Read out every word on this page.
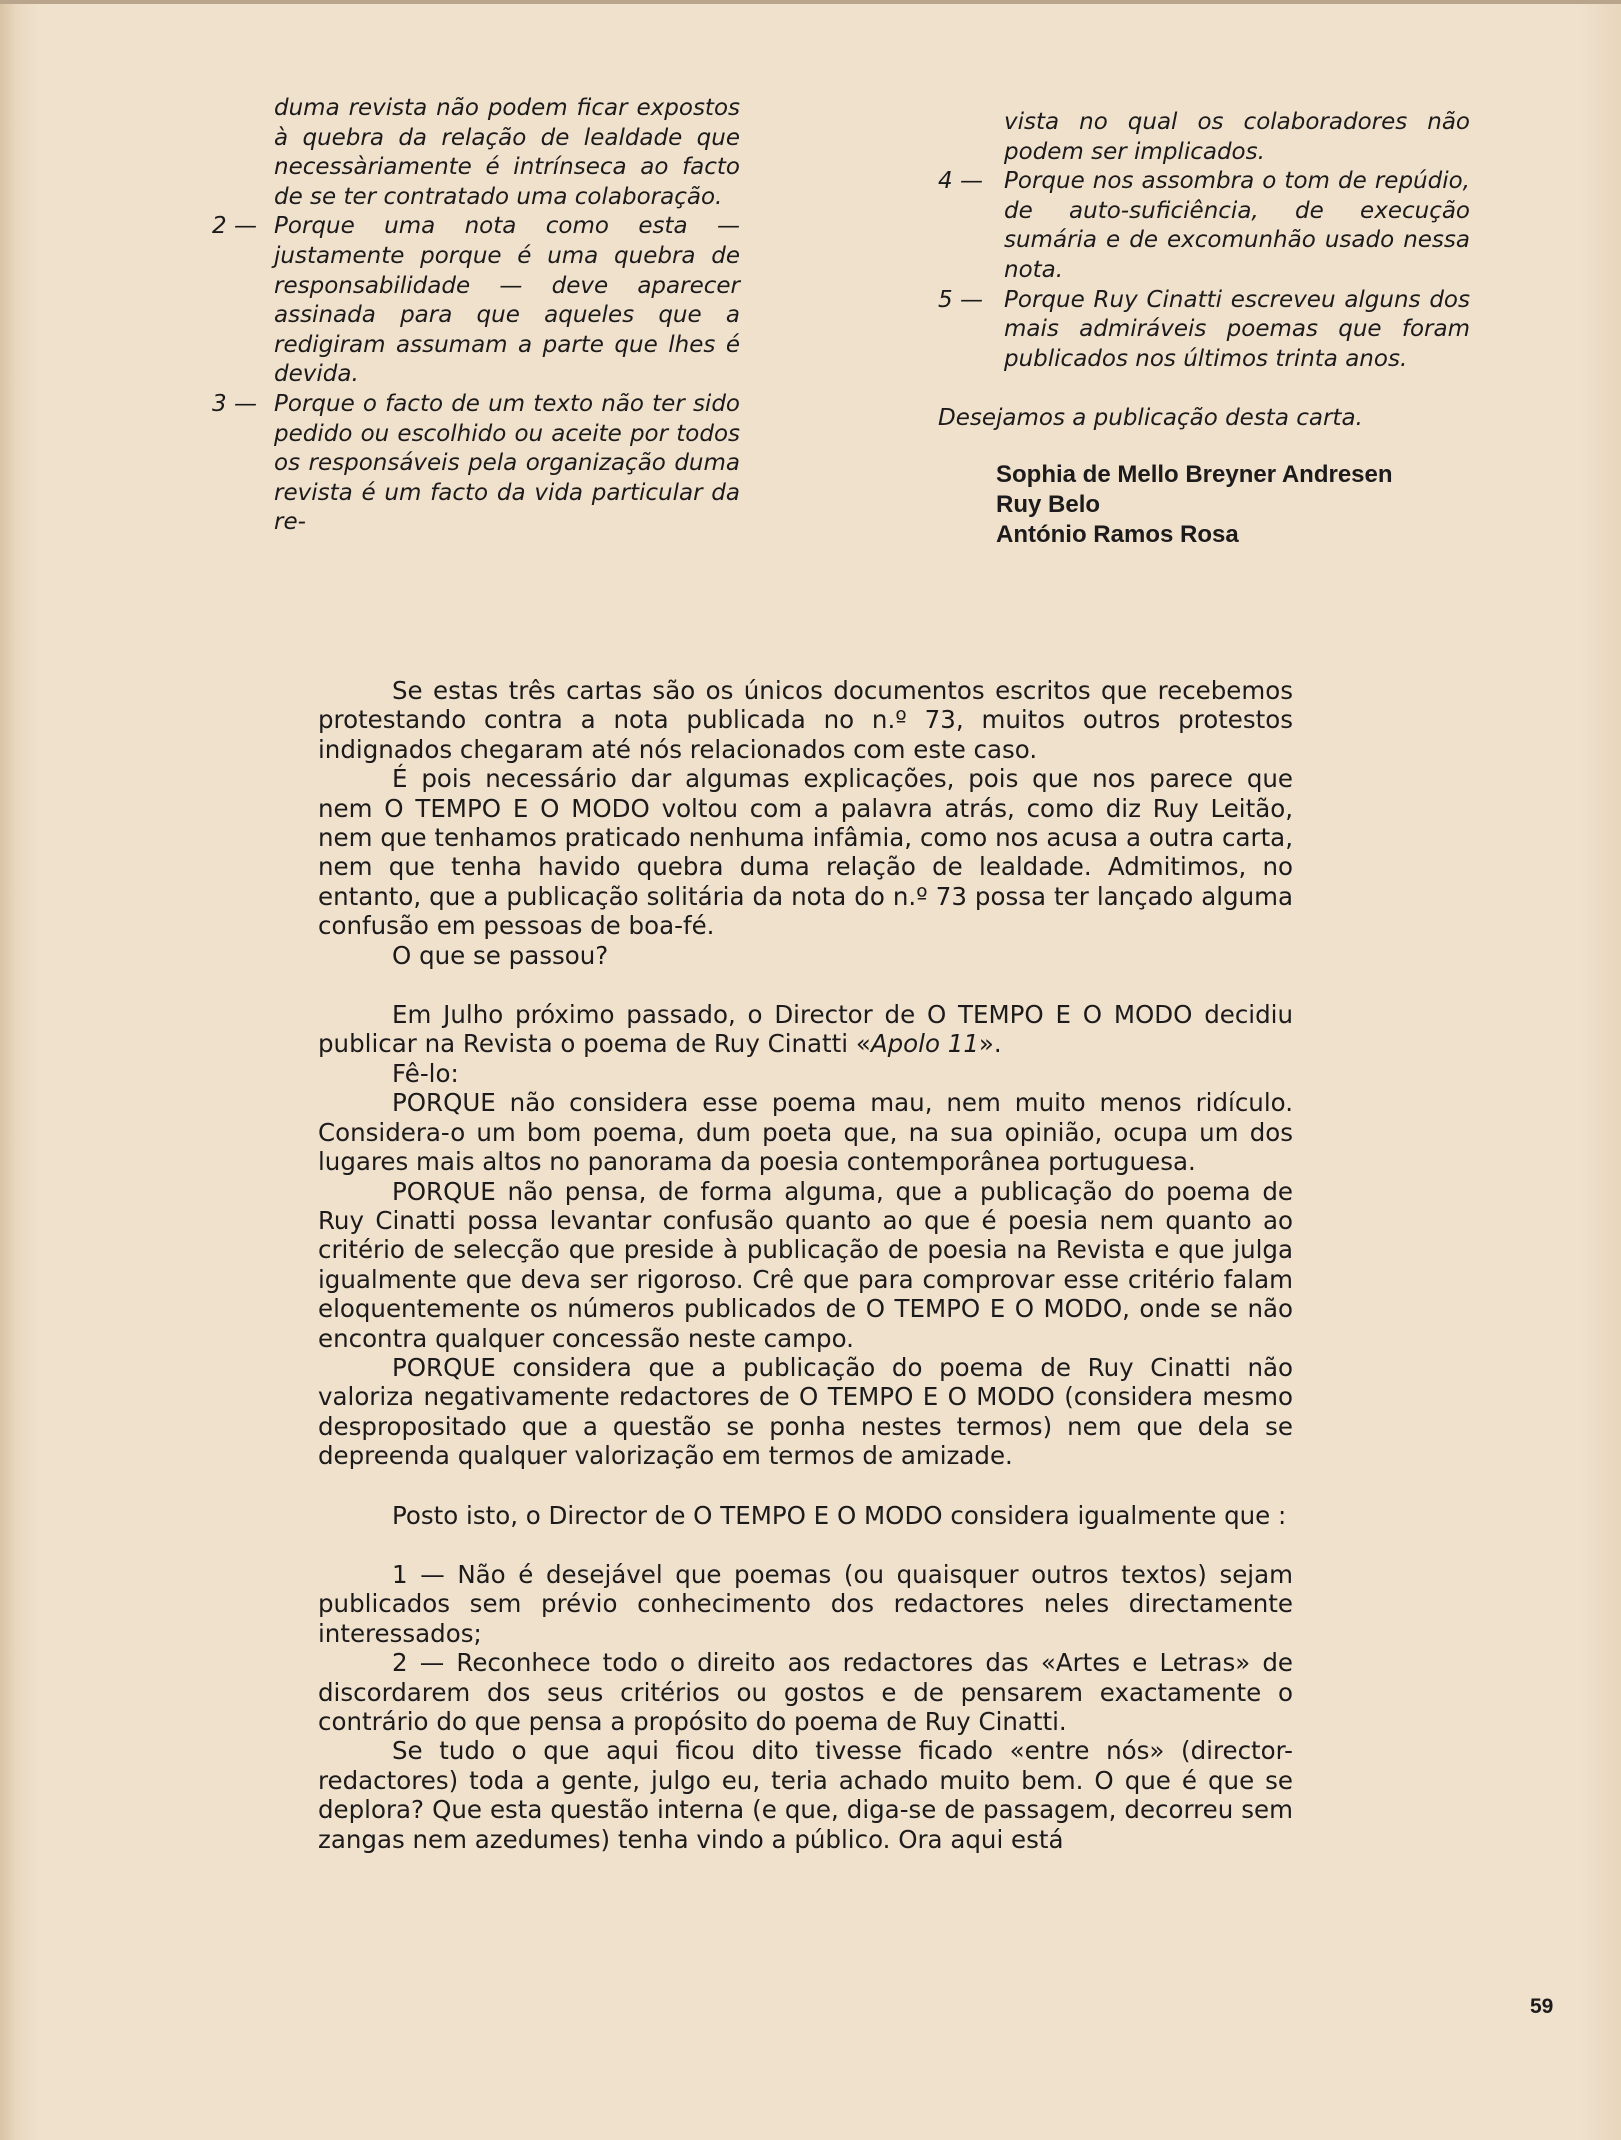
duma revista não podem ficar expostos à quebra da relação de lealdade que necessàriamente é intrínseca ao facto de se ter contratado uma colaboração.

2 — Porque uma nota como esta — justamente porque é uma quebra de responsabilidade — deve aparecer assinada para que aqueles que a redigiram assumam a parte que lhes é devida.

3 — Porque o facto de um texto não ter sido pedido ou escolhido ou aceite por todos os responsáveis pela organização duma revista é um facto da vida particular da re-

vista no qual os colaboradores não podem ser implicados.

4 — Porque nos assombra o tom de repúdio, de auto-suficiência, de execução sumária e de excomunhão usado nessa nota.

5 — Porque Ruy Cinatti escreveu alguns dos mais admiráveis poemas que foram publicados nos últimos trinta anos.

Desejamos a publicação desta carta.

Sophia de Mello Breyner Andresen
Ruy Belo
António Ramos Rosa

Se estas três cartas são os únicos documentos escritos que recebemos protestando contra a nota publicada no n.º 73, muitos outros protestos indignados chegaram até nós relacionados com este caso.

É pois necessário dar algumas explicações, pois que nos parece que nem O TEMPO E O MODO voltou com a palavra atrás, como diz Ruy Leitão, nem que tenhamos praticado nenhuma infâmia, como nos acusa a outra carta, nem que tenha havido quebra duma relação de lealdade. Admitimos, no entanto, que a publicação solitária da nota do n.º 73 possa ter lançado alguma confusão em pessoas de boa-fé.

O que se passou?

Em Julho próximo passado, o Director de O TEMPO E O MODO decidiu publicar na Revista o poema de Ruy Cinatti «Apolo 11».

Fê-lo:

PORQUE não considera esse poema mau, nem muito menos ridículo. Considera-o um bom poema, dum poeta que, na sua opinião, ocupa um dos lugares mais altos no panorama da poesia contemporânea portuguesa.

PORQUE não pensa, de forma alguma, que a publicação do poema de Ruy Cinatti possa levantar confusão quanto ao que é poesia nem quanto ao critério de selecção que preside à publicação de poesia na Revista e que julga igualmente que deva ser rigoroso. Crê que para comprovar esse critério falam eloquentemente os números publicados de O TEMPO E O MODO, onde se não encontra qualquer concessão neste campo.

PORQUE considera que a publicação do poema de Ruy Cinatti não valoriza negativamente redactores de O TEMPO E O MODO (considera mesmo despropositado que a questão se ponha nestes termos) nem que dela se depreenda qualquer valorização em termos de amizade.

Posto isto, o Director de O TEMPO E O MODO considera igualmente que :

1 — Não é desejável que poemas (ou quaisquer outros textos) sejam publicados sem prévio conhecimento dos redactores neles directamente interessados;

2 — Reconhece todo o direito aos redactores das «Artes e Letras» de discordarem dos seus critérios ou gostos e de pensarem exactamente o contrário do que pensa a propósito do poema de Ruy Cinatti.

Se tudo o que aqui ficou dito tivesse ficado «entre nós» (director-redactores) toda a gente, julgo eu, teria achado muito bem. O que é que se deplora? Que esta questão interna (e que, diga-se de passagem, decorreu sem zangas nem azedumes) tenha vindo a público. Ora aqui está

59
